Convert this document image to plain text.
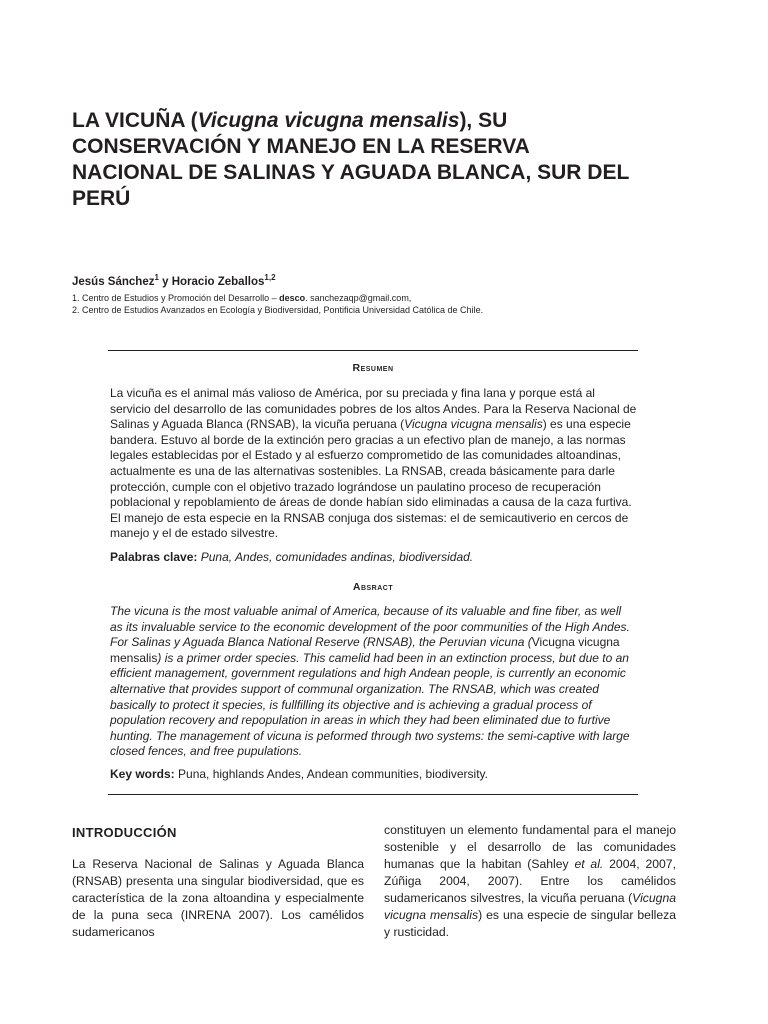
LA VICUÑA (Vicugna vicugna mensalis), SU CONSERVACIÓN Y MANEJO EN LA RESERVA NACIONAL DE SALINAS Y AGUADA BLANCA, SUR DEL PERÚ
Jesús Sánchez$^1$ y Horacio Zeballos$^{1,2}$
1. Centro de Estudios y Promoción del Desarrollo – desco. sanchezaqp@gmail.com,
2. Centro de Estudios Avanzados en Ecología y Biodiversidad, Pontificia Universidad Católica de Chile.
Resumen

La vicuña es el animal más valioso de América, por su preciada y fina lana y porque está al servicio del desarrollo de las comunidades pobres de los altos Andes. Para la Reserva Nacional de Salinas y Aguada Blanca (RNSAB), la vicuña peruana (Vicugna vicugna mensalis) es una especie bandera. Estuvo al borde de la extinción pero gracias a un efectivo plan de manejo, a las normas legales establecidas por el Estado y al esfuerzo comprometido de las comunidades altoandinas, actualmente es una de las alternativas sostenibles. La RNSAB, creada básicamente para darle protección, cumple con el objetivo trazado lográndose un paulatino proceso de recuperación poblacional y repoblamiento de áreas de donde habían sido eliminadas a causa de la caza furtiva. El manejo de esta especie en la RNSAB conjuga dos sistemas: el de semicautiverio en cercos de manejo y el de estado silvestre.

Palabras clave: Puna, Andes, comunidades andinas, biodiversidad.
Absract

The vicuna is the most valuable animal of America, because of its valuable and fine fiber, as well as its invaluable service to the economic development of the poor communities of the High Andes. For Salinas y Aguada Blanca National Reserve (RNSAB), the Peruvian vicuna (Vicugna vicugna mensalis) is a primer order species. This camelid had been in an extinction process, but due to an efficient management, government regulations and high Andean people, is currently an economic alternative that provides support of communal organization. The RNSAB, which was created basically to protect it species, is fullfilling its objective and is achieving a gradual process of population recovery and repopulation in areas in which they had been eliminated due to furtive hunting. The management of vicuna is peformed through two systems: the semi-captive with large closed fences, and free pupulations.

Key words: Puna, highlands Andes, Andean communities, biodiversity.
INTRODUCCIÓN

La Reserva Nacional de Salinas y Aguada Blanca (RNSAB) presenta una singular biodiversidad, que es característica de la zona altoandina y especialmente de la puna seca (INRENA 2007). Los camélidos sudamericanos

constituyen un elemento fundamental para el manejo sostenible y el desarrollo de las comunidades humanas que la habitan (Sahley et al. 2004, 2007, Zúñiga 2004, 2007). Entre los camélidos sudamericanos silvestres, la vicuña peruana (Vicugna vicugna mensalis) es una especie de singular belleza y rusticidad.
